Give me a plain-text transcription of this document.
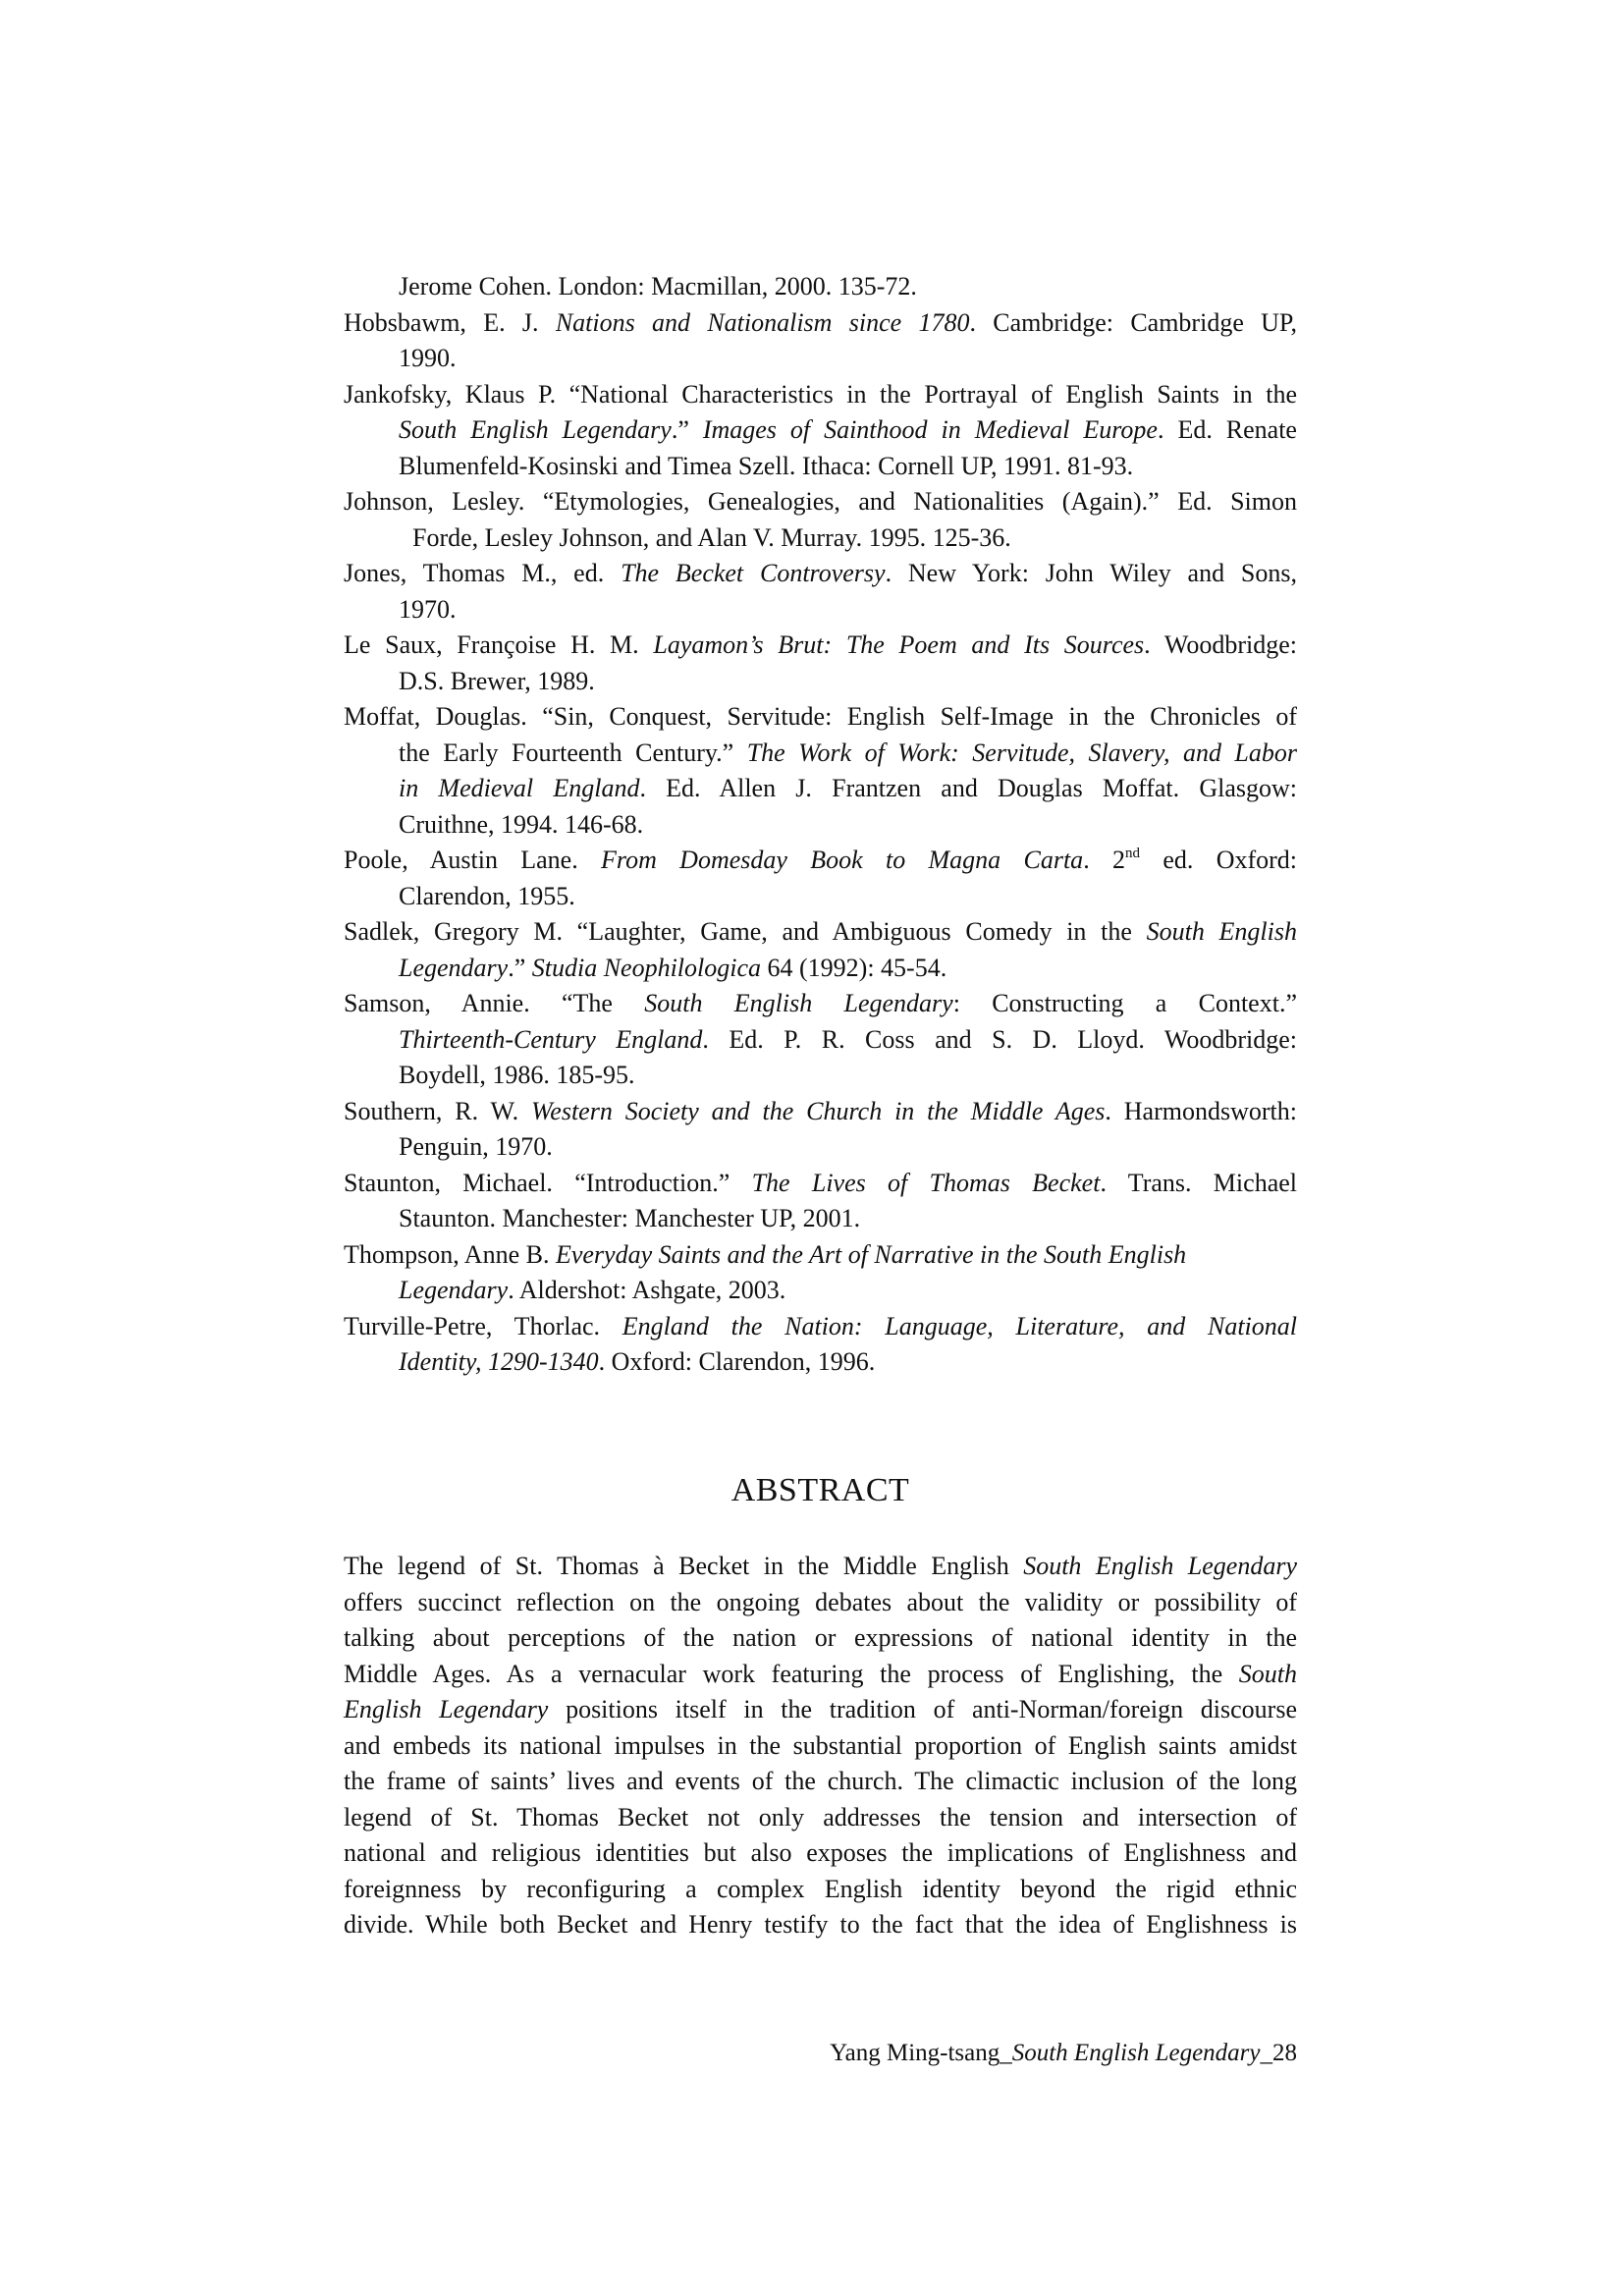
Jerome Cohen. London: Macmillan, 2000. 135-72.
Hobsbawm, E. J. Nations and Nationalism since 1780. Cambridge: Cambridge UP,
1990.
Jankofsky, Klaus P. “National Characteristics in the Portrayal of English Saints in the
South English Legendary.” Images of Sainthood in Medieval Europe. Ed. Renate
Blumenfeld-Kosinski and Timea Szell. Ithaca: Cornell UP, 1991. 81-93.
Johnson, Lesley. “Etymologies, Genealogies, and Nationalities (Again).” Ed. Simon
Forde, Lesley Johnson, and Alan V. Murray. 1995. 125-36.
Jones, Thomas M., ed. The Becket Controversy. New York: John Wiley and Sons,
1970.
Le Saux, Françoise H. M. Layamon’s Brut: The Poem and Its Sources. Woodbridge:
D.S. Brewer, 1989.
Moffat, Douglas. “Sin, Conquest, Servitude: English Self-Image in the Chronicles of
the Early Fourteenth Century.” The Work of Work: Servitude, Slavery, and Labor
in Medieval England. Ed. Allen J. Frantzen and Douglas Moffat. Glasgow:
Cruithne, 1994. 146-68.
Poole, Austin Lane. From Domesday Book to Magna Carta. 2nd ed. Oxford:
Clarendon, 1955.
Sadlek, Gregory M. “Laughter, Game, and Ambiguous Comedy in the South English
Legendary.” Studia Neophilologica 64 (1992): 45-54.
Samson, Annie. “The South English Legendary: Constructing a Context.”
Thirteenth-Century England. Ed. P. R. Coss and S. D. Lloyd. Woodbridge:
Boydell, 1986. 185-95.
Southern, R. W. Western Society and the Church in the Middle Ages. Harmondsworth:
Penguin, 1970.
Staunton, Michael. “Introduction.” The Lives of Thomas Becket. Trans. Michael
Staunton. Manchester: Manchester UP, 2001.
Thompson, Anne B. Everyday Saints and the Art of Narrative in the South English
Legendary. Aldershot: Ashgate, 2003.
Turville-Petre, Thorlac. England the Nation: Language, Literature, and National
Identity, 1290-1340. Oxford: Clarendon, 1996.
ABSTRACT
The legend of St. Thomas à Becket in the Middle English South English Legendary
offers succinct reflection on the ongoing debates about the validity or possibility of
talking about perceptions of the nation or expressions of national identity in the
Middle Ages. As a vernacular work featuring the process of Englishing, the South
English Legendary positions itself in the tradition of anti-Norman/foreign discourse
and embeds its national impulses in the substantial proportion of English saints amidst
the frame of saints’ lives and events of the church. The climactic inclusion of the long
legend of St. Thomas Becket not only addresses the tension and intersection of
national and religious identities but also exposes the implications of Englishness and
foreignness by reconfiguring a complex English identity beyond the rigid ethnic
divide. While both Becket and Henry testify to the fact that the idea of Englishness is
Yang Ming-tsang_South English Legendary_28
